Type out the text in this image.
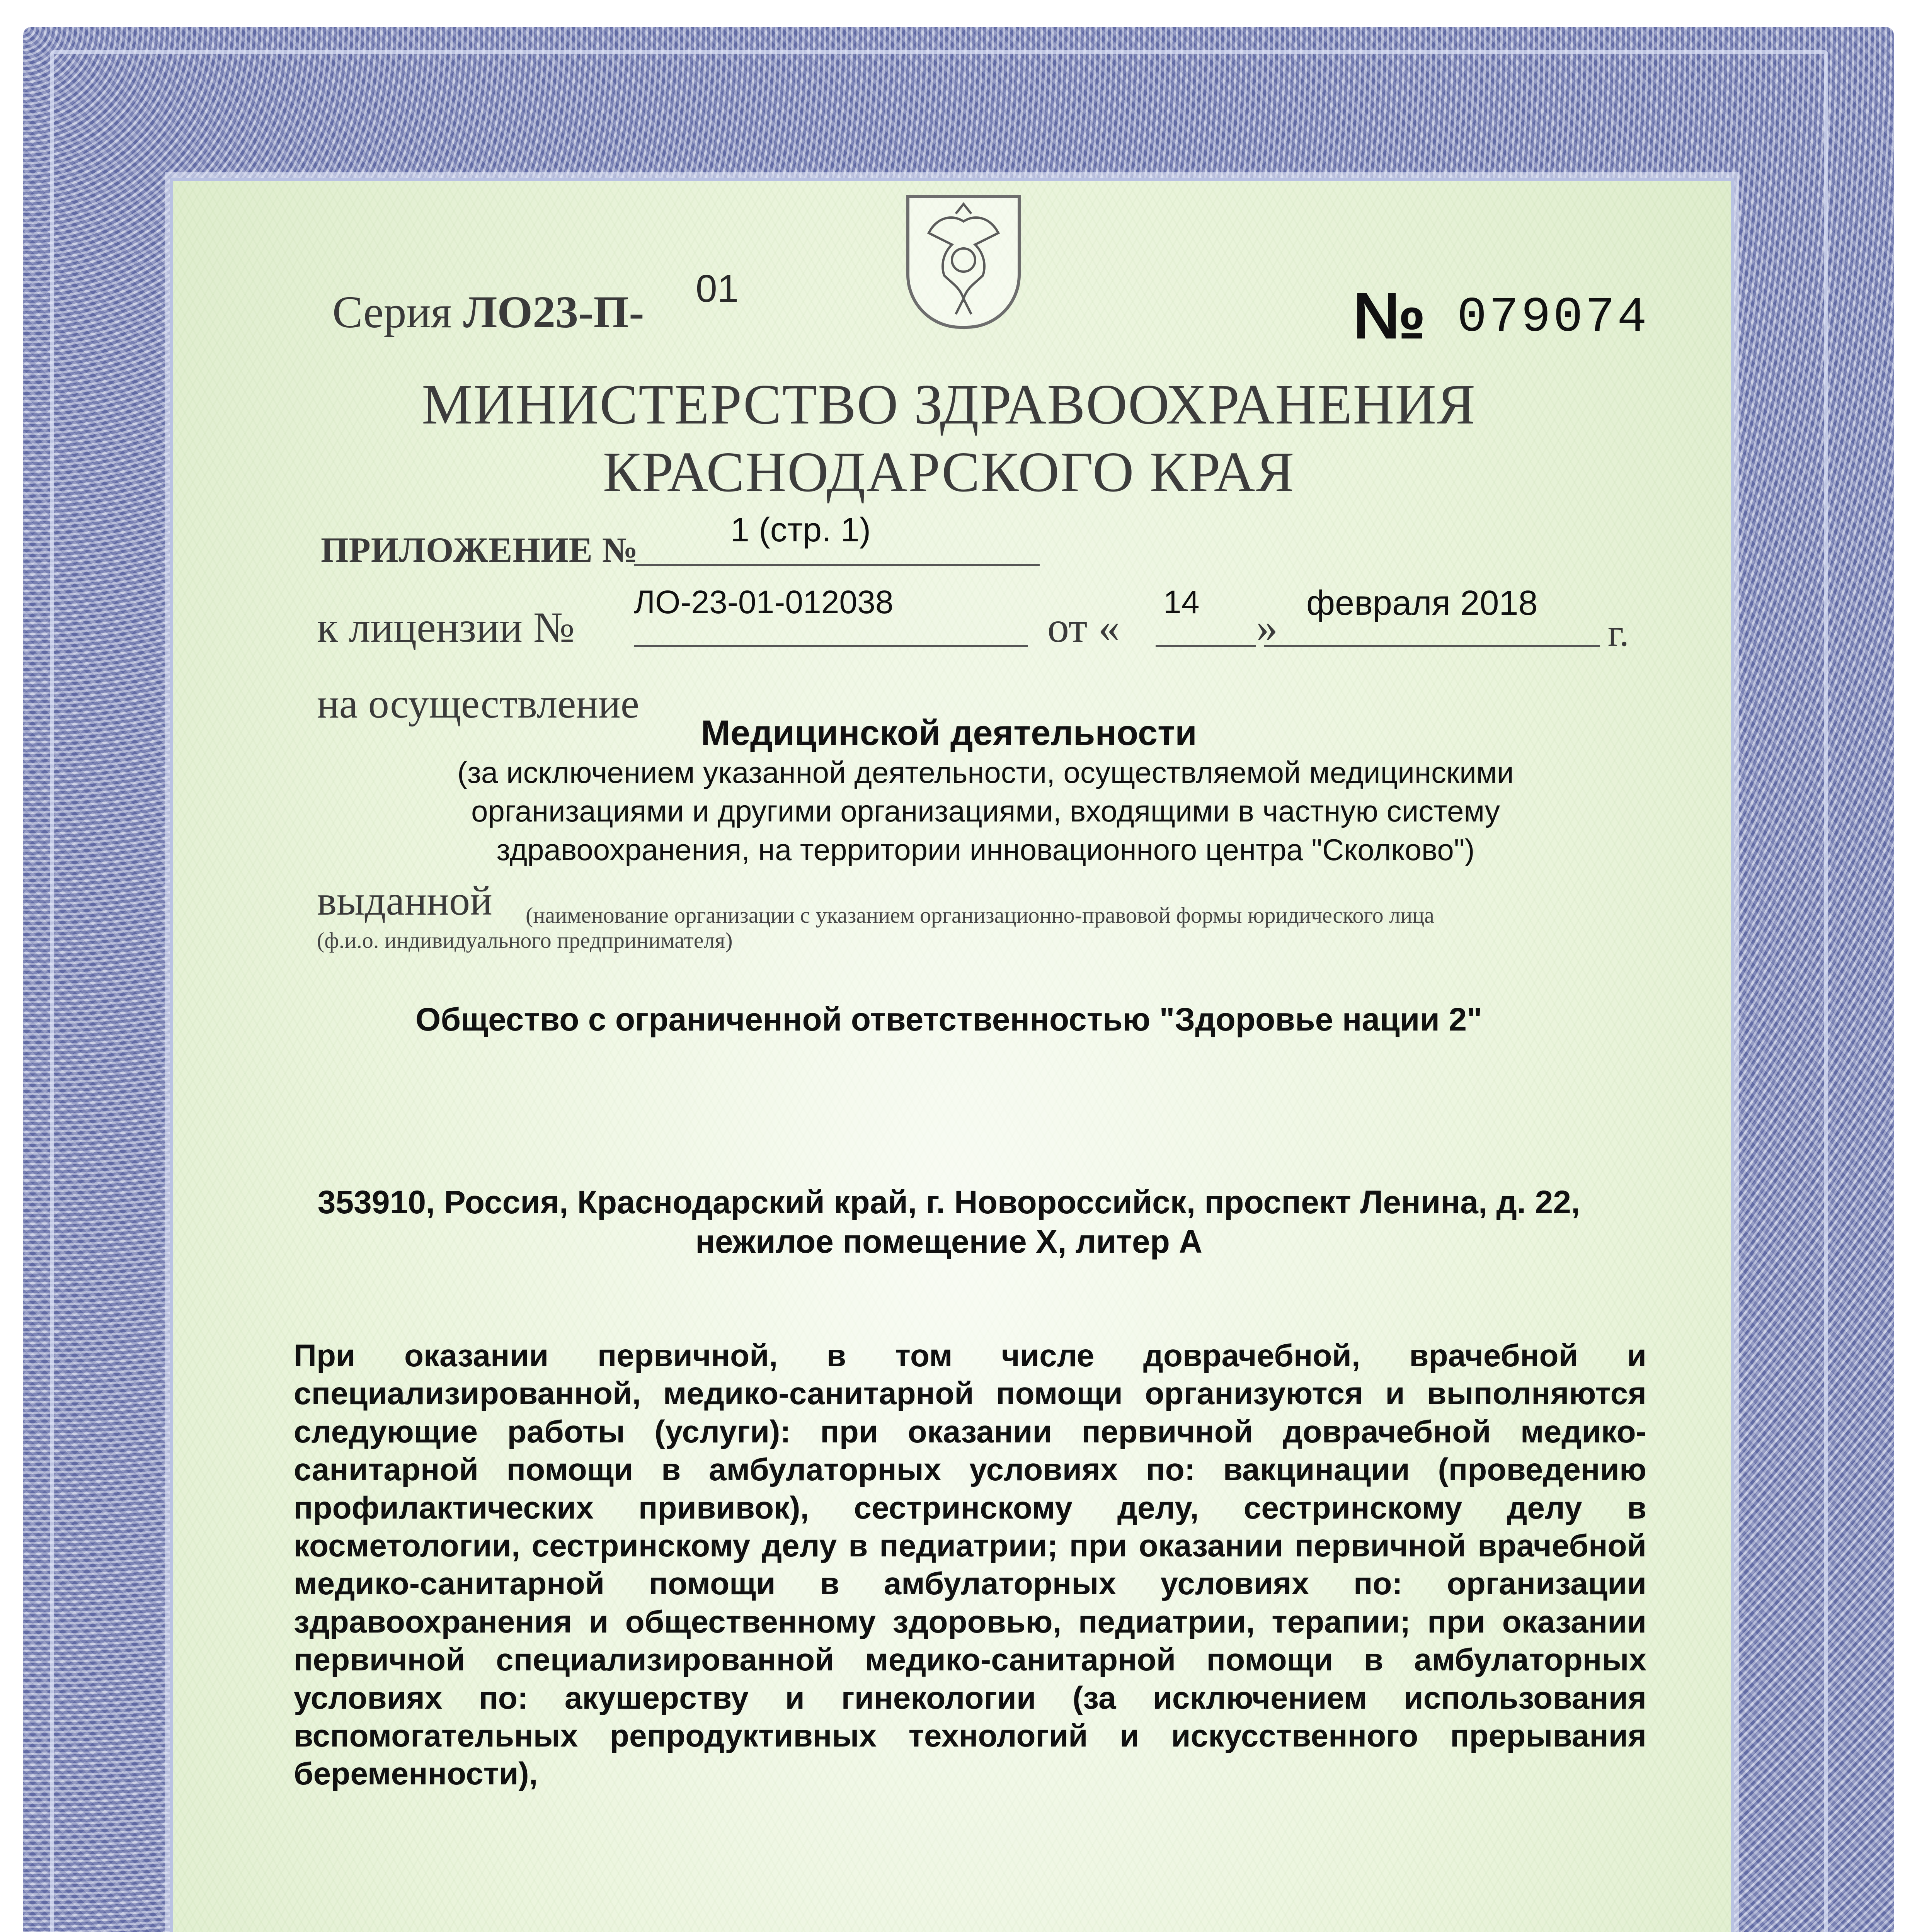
Серия ЛО23-П- 01	№ 079074
МИНИСТЕРСТВО ЗДРАВООХРАНЕНИЯ
КРАСНОДАРСКОГО КРАЯ
ПРИЛОЖЕНИЕ №
1 (стр. 1)
к лицензии №
ЛО-23-01-012038
от «
14
»
февраля 2018
г.
на осуществление
Медицинской деятельности
(за исключением указанной деятельности, осуществляемой медицинскими
организациями и другими организациями, входящими в частную систему
здравоохранения, на территории инновационного центра "Сколково")
выданной (наименование организации с указанием организационно-правовой формы юридического лица
(ф.и.о. индивидуального предпринимателя)
Общество с ограниченной ответственностью "Здоровье нации 2"
353910, Россия, Краснодарский край, г. Новороссийск, проспект Ленина, д. 22,
нежилое помещение X, литер А
При оказании первичной, в том числе доврачебной, врачебной и специализированной, медико-санитарной помощи организуются и выполняются следующие работы (услуги): при оказании первичной доврачебной медико-санитарной помощи в амбулаторных условиях по: вакцинации (проведению профилактических прививок), сестринскому делу, сестринскому делу в косметологии, сестринскому делу в педиатрии; при оказании первичной врачебной медико-санитарной помощи в амбулаторных условиях по: организации здравоохранения и общественному здоровью, педиатрии, терапии; при оказании первичной специализированной медико-санитарной помощи в амбулаторных условиях по: акушерству и гинекологии (за исключением использования вспомогательных репродуктивных технологий и искусственного прерывания беременности),
